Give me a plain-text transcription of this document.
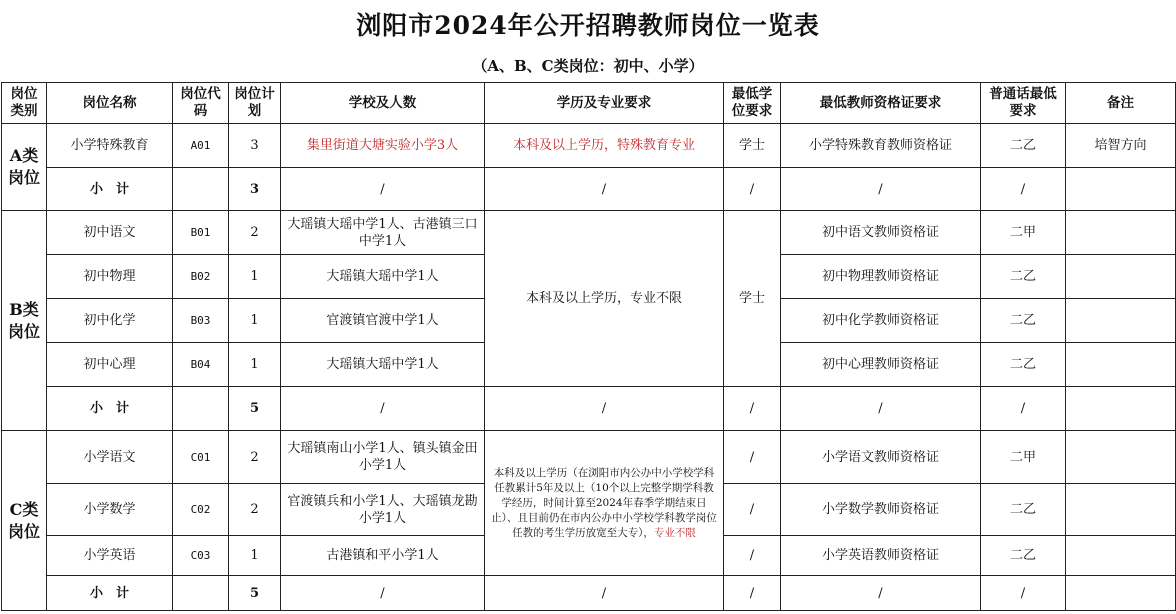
浏阳市2024年公开招聘教师岗位一览表
（A、B、C类岗位：初中、小学）
岗位类别	岗位名称	岗位代码	岗位计划	学校及人数	学历及专业要求	最低学位要求	最低教师资格证要求	普通话最低要求	备注
A类岗位	小学特殊教育	A01	3	集里街道大塘实验小学3人	本科及以上学历，特殊教育专业	学士	小学特殊教育教师资格证	二乙	培智方向
	小　计		3	/	/	/	/	/	
B类岗位	初中语文	B01	2	大瑶镇大瑶中学1人、古港镇三口中学1人	本科及以上学历，专业不限	学士	初中语文教师资格证	二甲	
	初中物理	B02	1	大瑶镇大瑶中学1人			初中物理教师资格证	二乙	
	初中化学	B03	1	官渡镇官渡中学1人			初中化学教师资格证	二乙	
	初中心理	B04	1	大瑶镇大瑶中学1人			初中心理教师资格证	二乙	
	小　计		5	/	/	/	/	/	
C类岗位	小学语文	C01	2	大瑶镇南山小学1人、镇头镇金田小学1人	本科及以上学历（在浏阳市内公办中小学校学科任教累计5年及以上（10个以上完整学期学科教学经历，时间计算至2024年春季学期结束日止）、且目前仍在市内公办中小学校学科教学岗位任教的考生学历放宽至大专），专业不限	/	小学语文教师资格证	二甲	
	小学数学	C02	2	官渡镇兵和小学1人、大瑶镇龙勘小学1人		/	小学数学教师资格证	二乙	
	小学英语	C03	1	古港镇和平小学1人		/	小学英语教师资格证	二乙	
	小　计		5	/	/	/	/	/	
